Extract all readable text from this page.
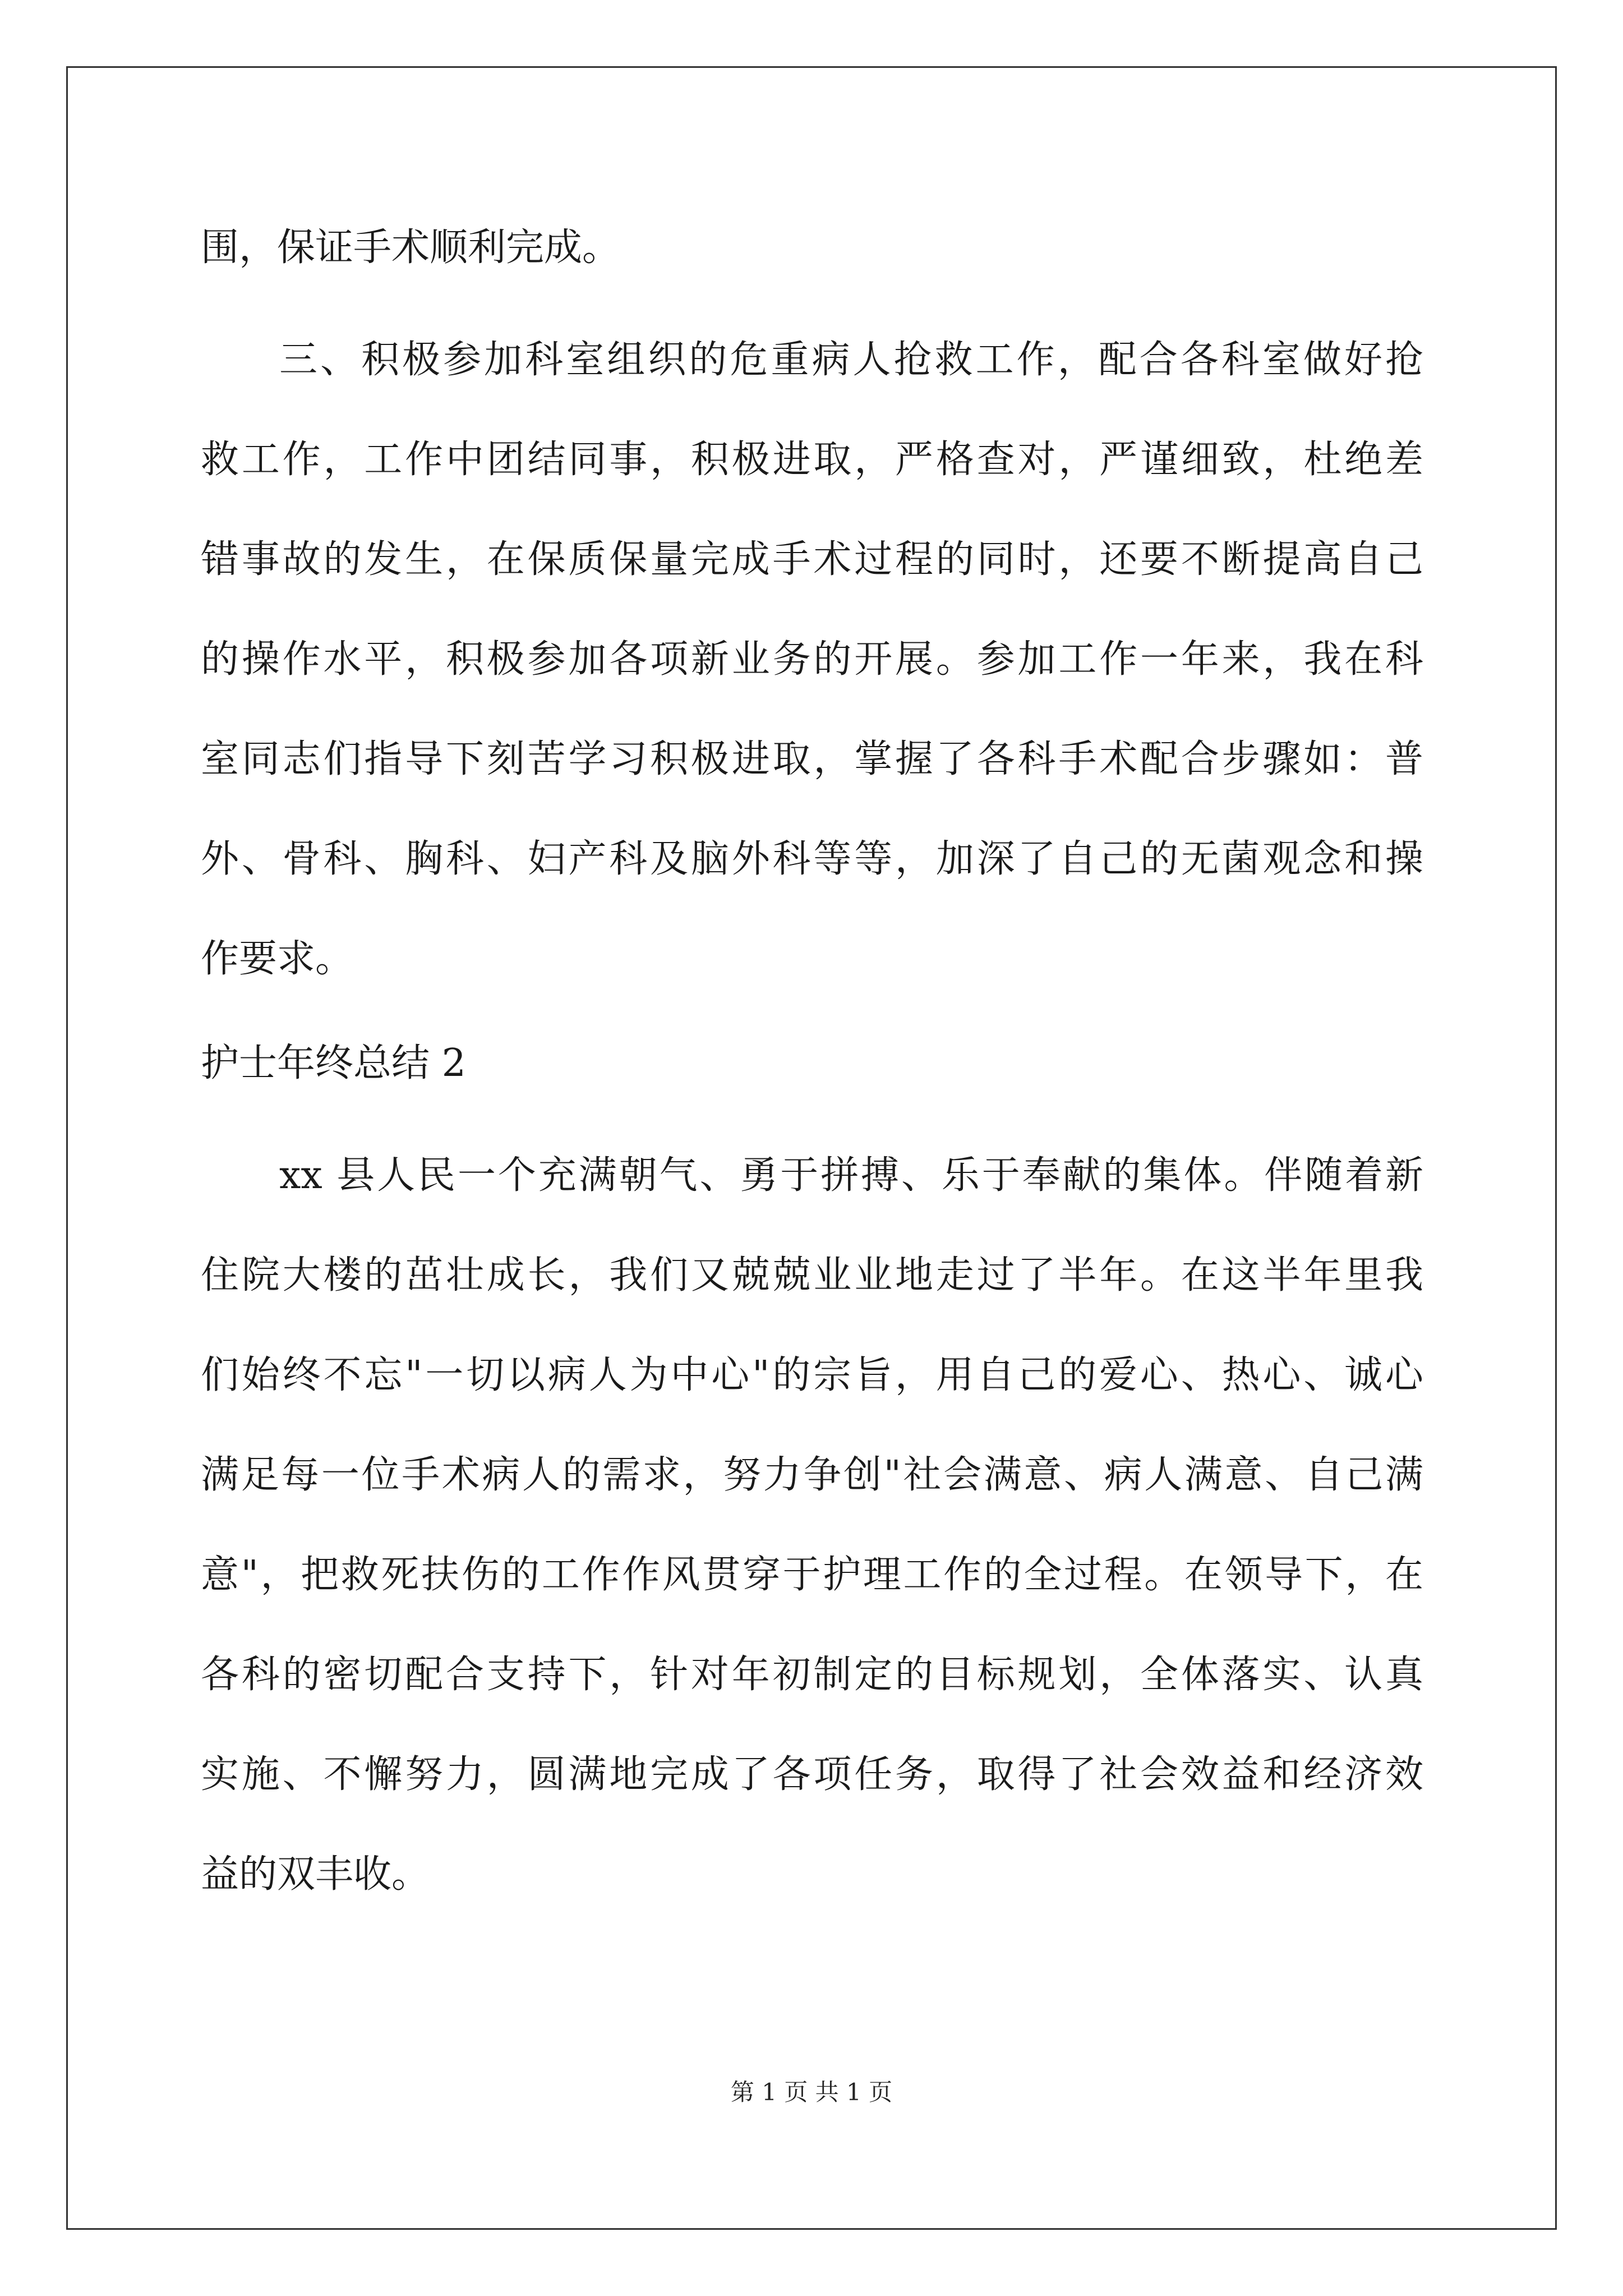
围，保证手术顺利完成。
三、积极参加科室组织的危重病人抢救工作，配合各科室做好抢
救工作，工作中团结同事，积极进取，严格查对，严谨细致，杜绝差
错事故的发生，在保质保量完成手术过程的同时，还要不断提高自己
的操作水平，积极参加各项新业务的开展。参加工作一年来，我在科
室同志们指导下刻苦学习积极进取，掌握了各科手术配合步骤如：普
外、骨科、胸科、妇产科及脑外科等等，加深了自己的无菌观念和操
作要求。
护士年终总结 2
xx 县人民一个充满朝气、勇于拼搏、乐于奉献的集体。伴随着新
住院大楼的茁壮成长，我们又兢兢业业地走过了半年。在这半年里我
们始终不忘"一切以病人为中心"的宗旨，用自己的爱心、热心、诚心
满足每一位手术病人的需求，努力争创"社会满意、病人满意、自己满
意"，把救死扶伤的工作作风贯穿于护理工作的全过程。在领导下，在
各科的密切配合支持下，针对年初制定的目标规划，全体落实、认真
实施、不懈努力，圆满地完成了各项任务，取得了社会效益和经济效
益的双丰收。
第 1 页 共 1 页
